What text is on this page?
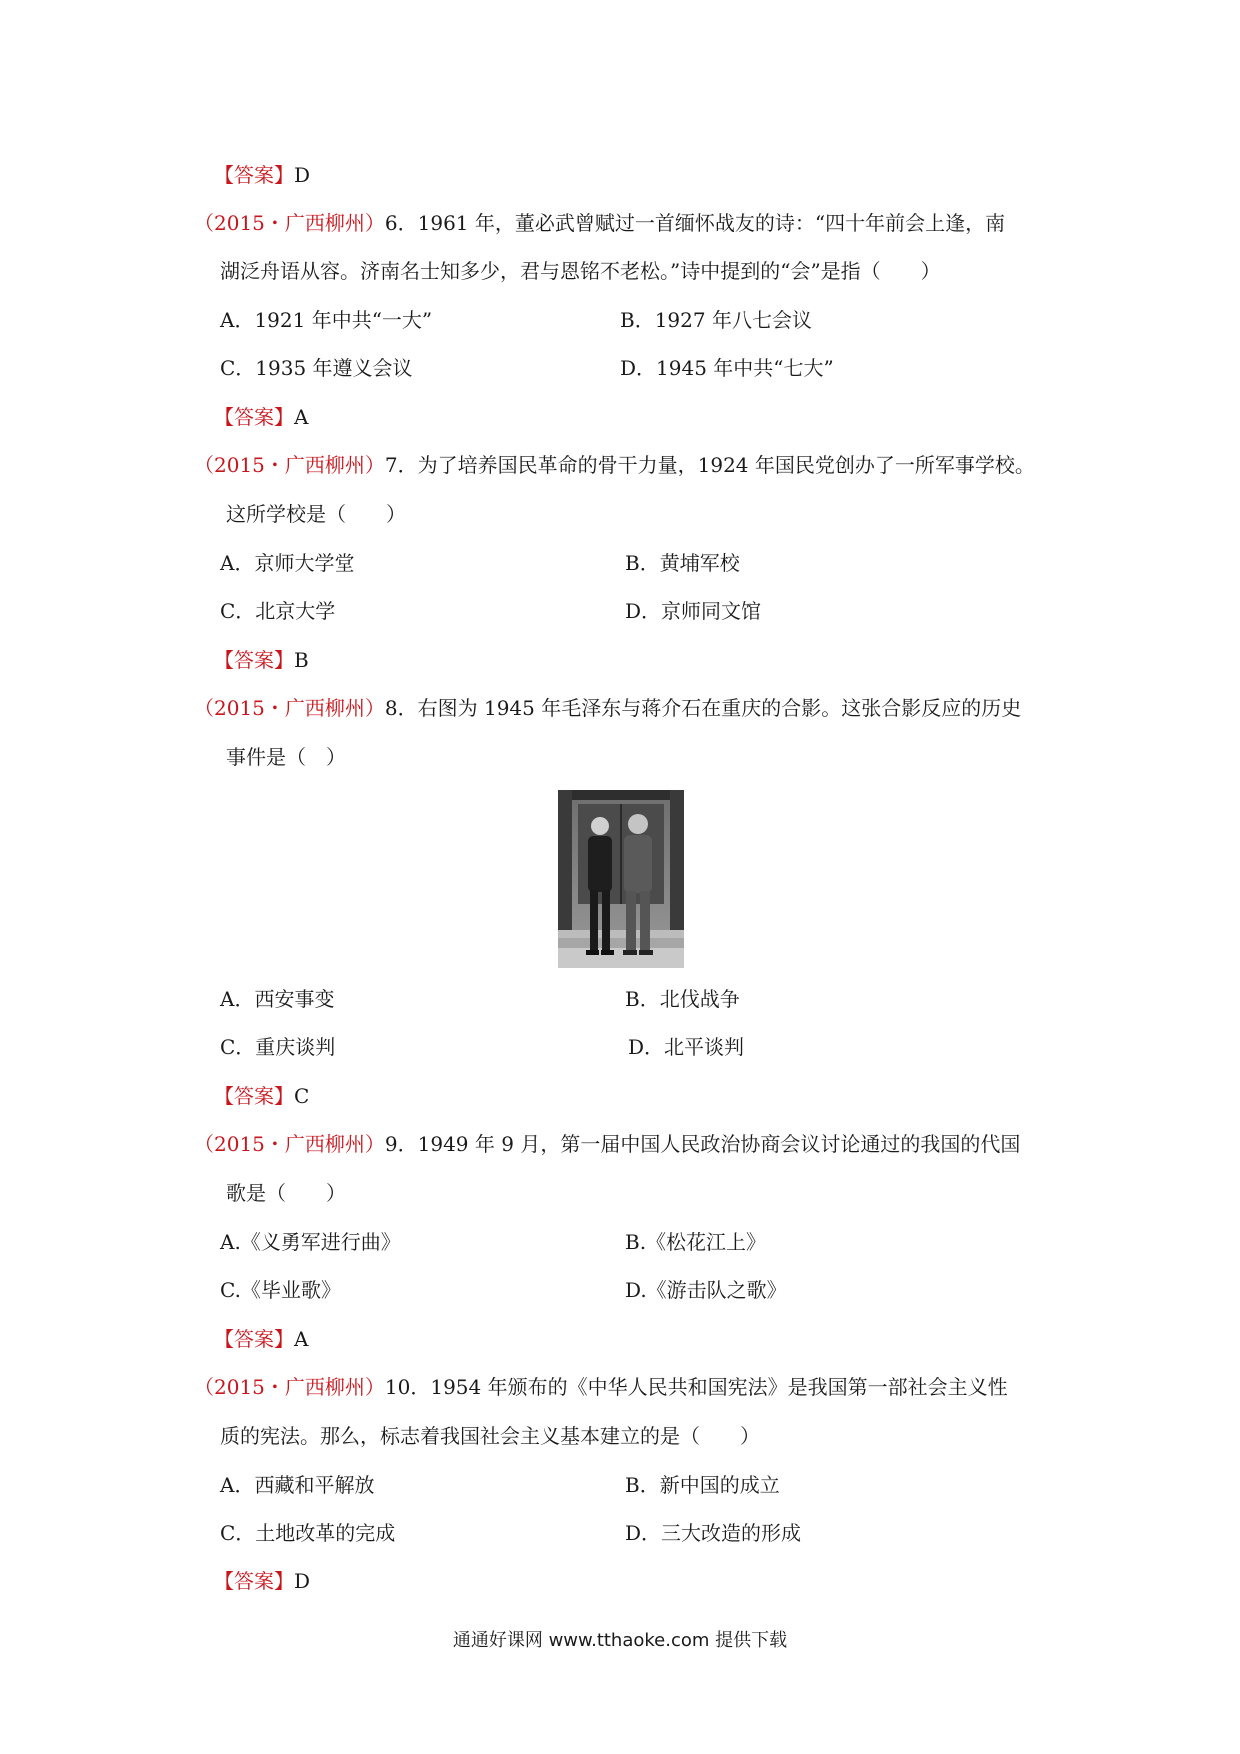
【答案】D
（2015・广西柳州）6．1961 年，董必武曾赋过一首缅怀战友的诗：“四十年前会上逢，南
湖泛舟语从容。济南名士知多少，君与恩铭不老松。”诗中提到的“会”是指（　　）
A．1921 年中共“一大”	B．1927 年八七会议
C．1935 年遵义会议	D．1945 年中共“七大”
【答案】A
（2015・广西柳州）7．为了培养国民革命的骨干力量，1924 年国民党创办了一所军事学校。
这所学校是（　　）
A．京师大学堂	B．黄埔军校
C．北京大学	D．京师同文馆
【答案】B
（2015・广西柳州）8．右图为 1945 年毛泽东与蒋介石在重庆的合影。这张合影反应的历史
事件是（　）
A．西安事变	B．北伐战争
C．重庆谈判	D．北平谈判
【答案】C
（2015・广西柳州）9．1949 年 9 月，第一届中国人民政治协商会议讨论通过的我国的代国
歌是（　　）
A.《义勇军进行曲》	B.《松花江上》
C.《毕业歌》	D.《游击队之歌》
【答案】A
（2015・广西柳州）10．1954 年颁布的《中华人民共和国宪法》是我国第一部社会主义性
质的宪法。那么，标志着我国社会主义基本建立的是（　　）
A．西藏和平解放	B．新中国的成立
C．土地改革的完成	D．三大改造的形成
【答案】D
通通好课网 www.tthaoke.com 提供下载
